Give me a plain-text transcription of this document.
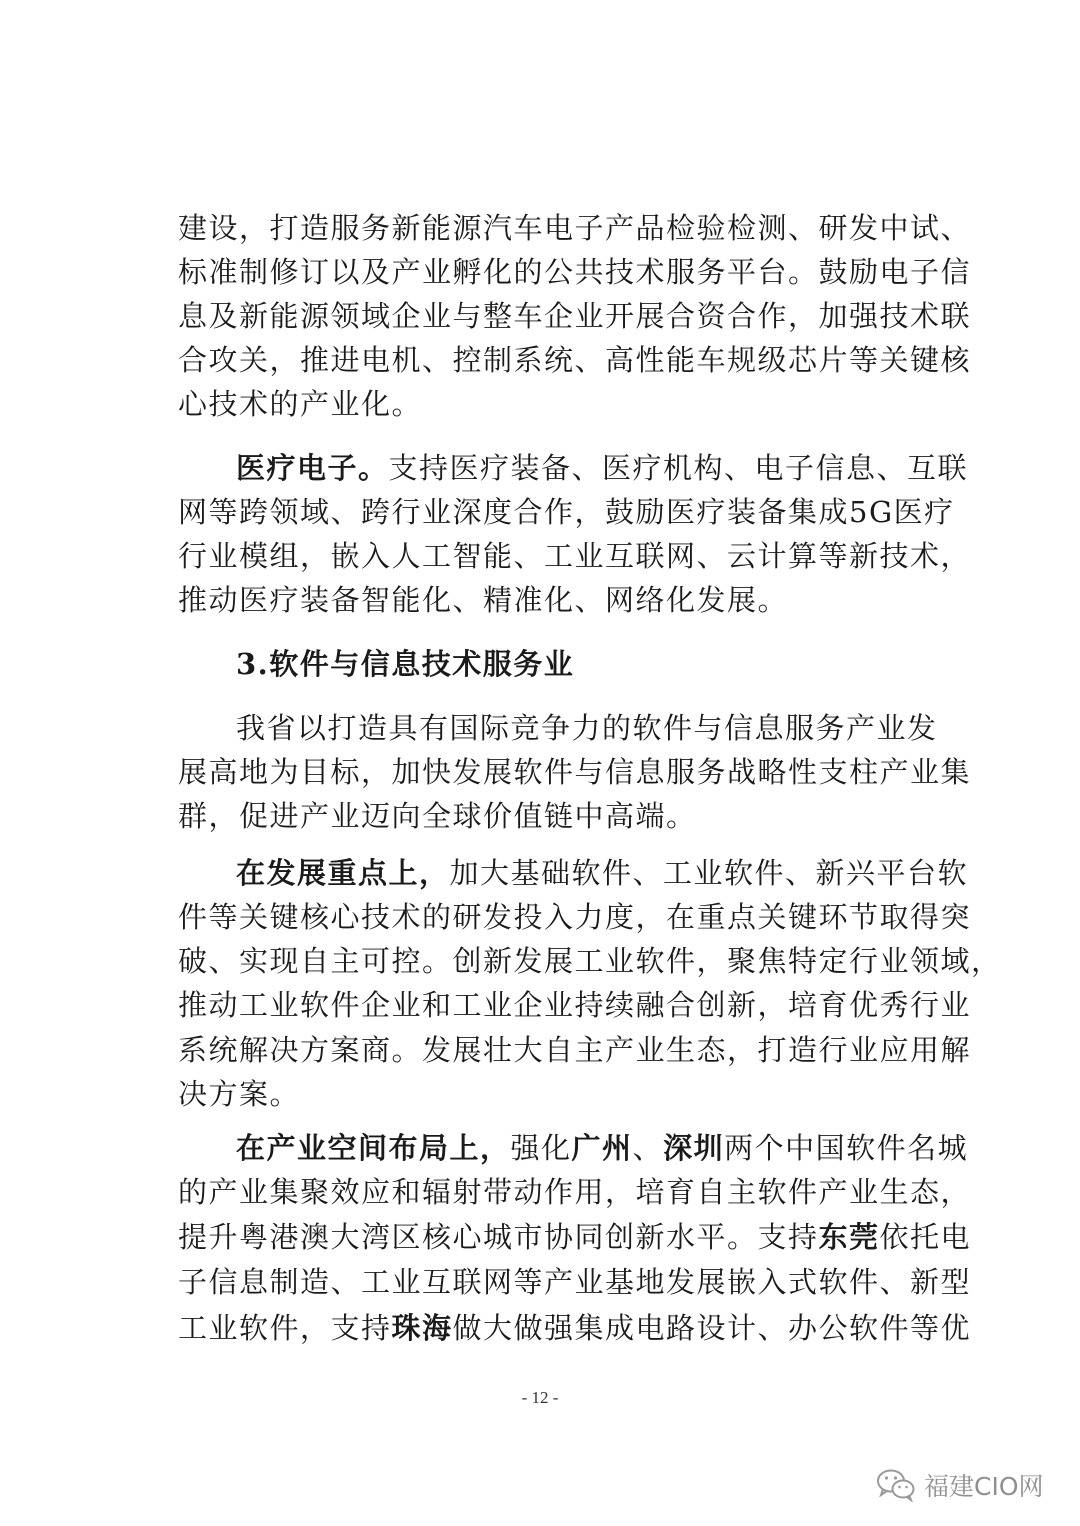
建设，打造服务新能源汽车电子产品检验检测、研发中试、
标准制修订以及产业孵化的公共技术服务平台。鼓励电子信
息及新能源领域企业与整车企业开展合资合作，加强技术联
合攻关，推进电机、控制系统、高性能车规级芯片等关键核
心技术的产业化。
医疗电子。支持医疗装备、医疗机构、电子信息、互联
网等跨领域、跨行业深度合作，鼓励医疗装备集成5G医疗
行业模组，嵌入人工智能、工业互联网、云计算等新技术，
推动医疗装备智能化、精准化、网络化发展。
3.软件与信息技术服务业
我省以打造具有国际竞争力的软件与信息服务产业发
展高地为目标，加快发展软件与信息服务战略性支柱产业集
群，促进产业迈向全球价值链中高端。
在发展重点上，加大基础软件、工业软件、新兴平台软
件等关键核心技术的研发投入力度，在重点关键环节取得突
破、实现自主可控。创新发展工业软件，聚焦特定行业领域，
推动工业软件企业和工业企业持续融合创新，培育优秀行业
系统解决方案商。发展壮大自主产业生态，打造行业应用解
决方案。
在产业空间布局上，强化广州、深圳两个中国软件名城
的产业集聚效应和辐射带动作用，培育自主软件产业生态，
提升粤港澳大湾区核心城市协同创新水平。支持东莞依托电
子信息制造、工业互联网等产业基地发展嵌入式软件、新型
工业软件，支持珠海做大做强集成电路设计、办公软件等优
- 12 -
福建CIO网
